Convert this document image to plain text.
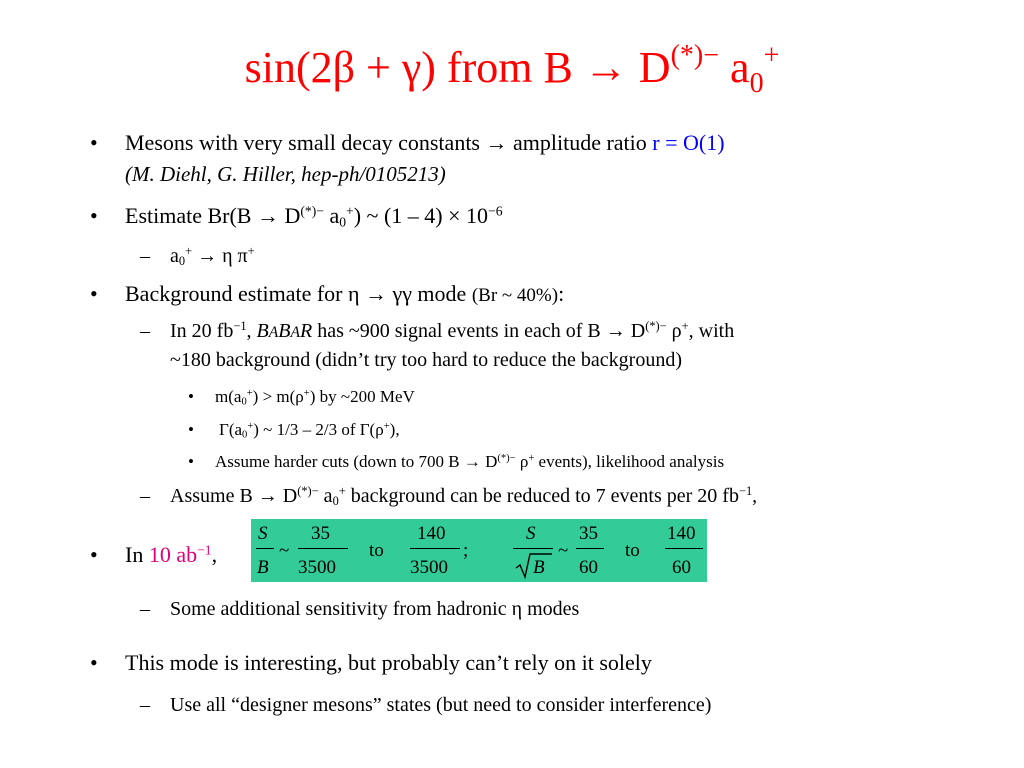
sin(2β + γ) from B → D(*)− $a_0^+$
• Mesons with very small decay constants → amplitude ratio r = O(1)
(M. Diehl, G. Hiller, hep-ph/0105213)
• Estimate Br(B → D(*)− $a_0^+$) ~ $(1 - 4) \times 10^{-6}$
– $a_0^+ \to \eta$ π+
• Background estimate for η → γγ mode (Br ~ 40%):
– In 20 $fb^{-1}$, BABAR has ~900 signal events in each of B → D(*)− ρ+, with
~180 background (didn’t try too hard to reduce the background)
• $m(a_0^+) > m(\rho^+)$ by ~200 MeV
• $\Gamma(a_0^+)$ ~ 1/3 – 2/3 of Γ(ρ+),
• Assume harder cuts (down to 700 B → D(*)− ρ+ events), likelihood analysis
– Assume B → D(*)− $a_0^+$ background can be reduced to 7 events per 20 $fb^{-1}$,
• In 10 $ab^{-1}$,
S
B
~
35
3500
to
140
3500
;
S
B
~
35
60
to
140
60
– Some additional sensitivity from hadronic η modes
• This mode is interesting, but probably can’t rely on it solely
– Use all “designer mesons” states (but need to consider interference)
